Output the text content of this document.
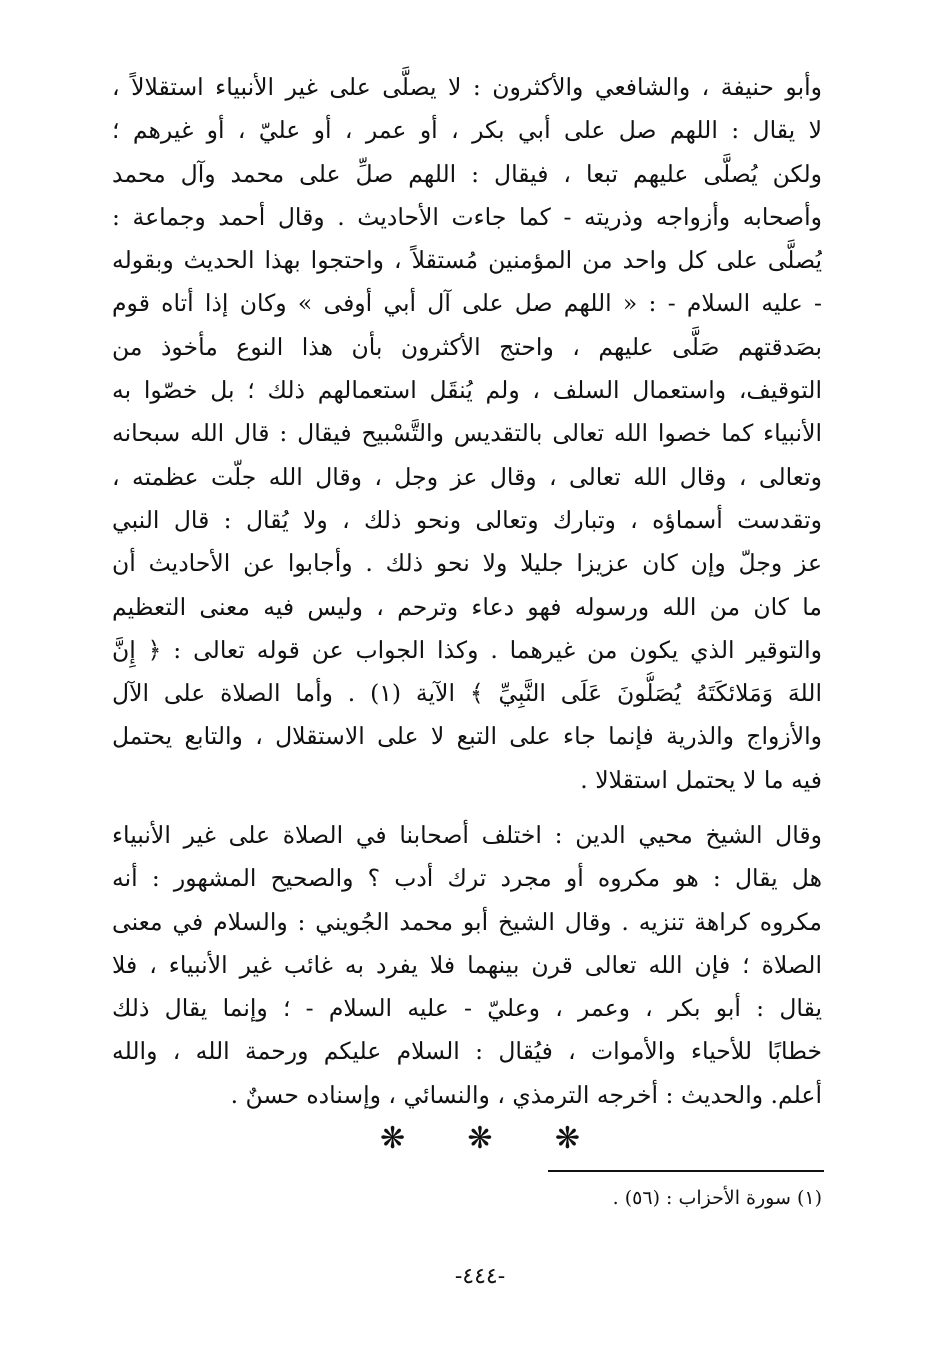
وأبو حنيفة ، والشافعي والأكثرون : لا يصلَّى على غير الأنبياء استقلالاً ،
لا يقال : اللهم صل على أبي بكر ، أو عمر ، أو عليّ ، أو غيرهم ؛
ولكن يُصلَّى عليهم تبعا ، فيقال : اللهم صلِّ على محمد وآل محمد
وأصحابه وأزواجه وذريته - كما جاءت الأحاديث . وقال أحمد وجماعة :
يُصلَّى على كل واحد من المؤمنين مُستقلاً ، واحتجوا بهذا الحديث وبقوله
- عليه السلام - : « اللهم صل على آل أبي أوفى » وكان إذا أتاه قوم
بصَدقتهم صَلَّى عليهم ، واحتج الأكثرون بأن هذا النوع مأخوذ من
التوقيف، واستعمال السلف ، ولم يُنقَل استعمالهم ذلك ؛ بل خصّوا به
الأنبياء كما خصوا الله تعالى بالتقديس والتَّسْبيح فيقال : قال الله سبحانه
وتعالى ، وقال الله تعالى ، وقال عز وجل ، وقال الله جلّت عظمته ،
وتقدست أسماؤه ، وتبارك وتعالى ونحو ذلك ، ولا يُقال : قال النبي
عز وجلّ وإن كان عزيزا جليلا ولا نحو ذلك . وأجابوا عن الأحاديث أن
ما كان من الله ورسوله فهو دعاء وترحم ، وليس فيه معنى التعظيم
والتوقير الذي يكون من غيرهما . وكذا الجواب عن قوله تعالى : ﴿ إِنَّ
اللهَ وَمَلائكَتَهُ يُصَلُّونَ عَلَى النَّبِيِّ ﴾ الآية (١) . وأما الصلاة على الآل
والأزواج والذرية فإنما جاء على التبع لا على الاستقلال ، والتابع يحتمل
فيه ما لا يحتمل استقلالا .
وقال الشيخ محيي الدين : اختلف أصحابنا في الصلاة على غير الأنبياء
هل يقال : هو مكروه أو مجرد ترك أدب ؟ والصحيح المشهور : أنه
مكروه كراهة تنزيه . وقال الشيخ أبو محمد الجُويني : والسلام في معنى
الصلاة ؛ فإن الله تعالى قرن بينهما فلا يفرد به غائب غير الأنبياء ، فلا
يقال : أبو بكر ، وعمر ، وعليّ - عليه السلام - ؛ وإنما يقال ذلك
خطابًا للأحياء والأموات ، فيُقال : السلام عليكم ورحمة الله ، والله
أعلم. والحديث : أخرجه الترمذي ، والنسائي ، وإسناده حسنٌ .
❋ ❋ ❋
(١) سورة الأحزاب : (٥٦) .
-٤٤٤-
